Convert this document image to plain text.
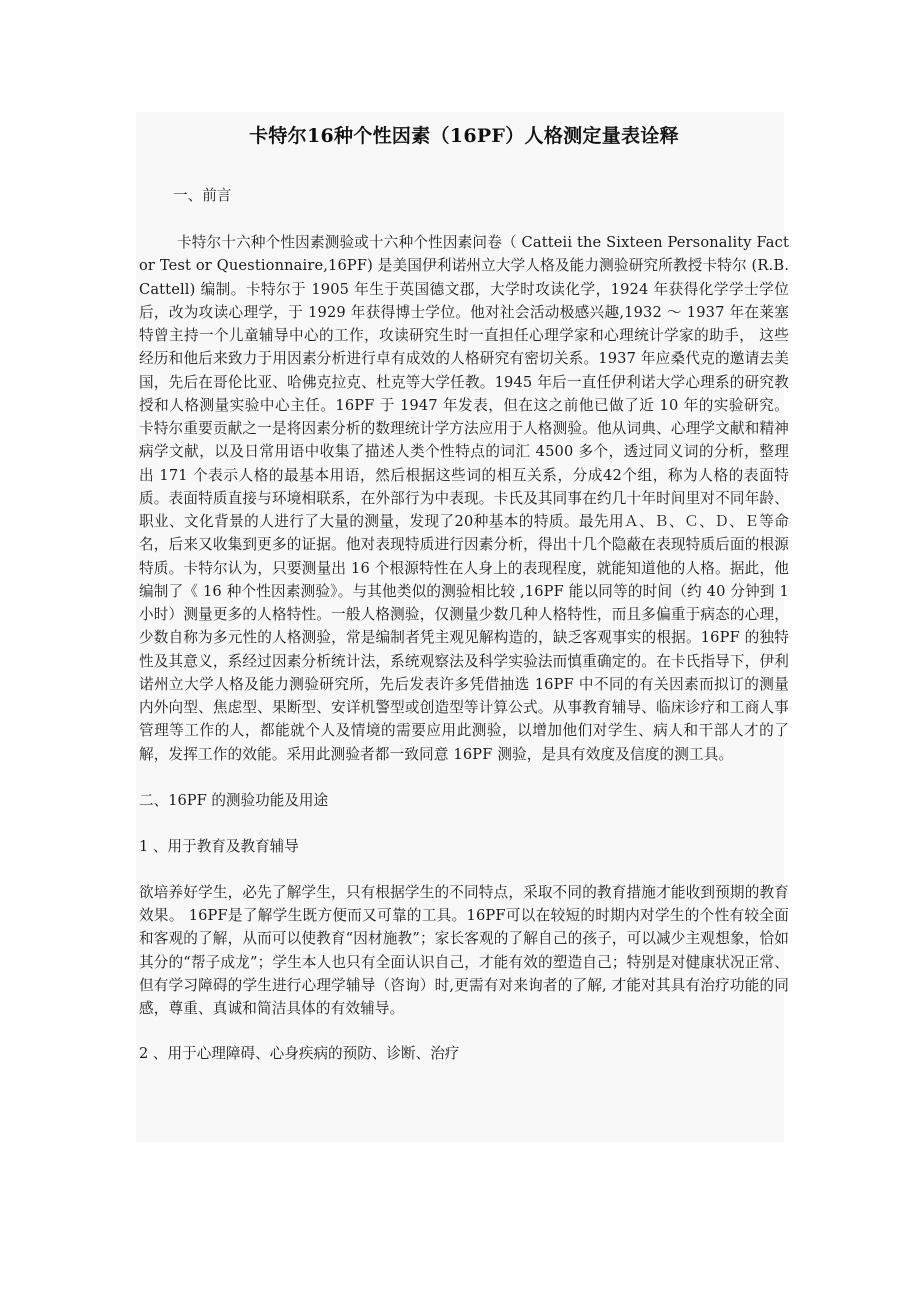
卡特尔16种个性因素（16PF）人格测定量表诠释

一、前言

卡特尔十六种个性因素测验或十六种个性因素问卷（ Catteii the Sixteen Personality Factor Test or Questionnaire,16PF) 是美国伊利诺州立大学人格及能力测验研究所教授卡特尔 (R.B.Cattell) 编制。卡特尔于 1905 年生于英国德文郡，大学时攻读化学，1924 年获得化学学士学位后，改为攻读心理学，于 1929 年获得博士学位。他对社会活动极感兴趣,1932 ～ 1937 年在莱塞特曾主持一个儿童辅导中心的工作，攻读研究生时一直担任心理学家和心理统计学家的助手， 这些经历和他后来致力于用因素分析进行卓有成效的人格研究有密切关系。1937 年应桑代克的邀请去美国，先后在哥伦比亚、哈佛克拉克、杜克等大学任教。1945 年后一直任伊利诺大学心理系的研究教授和人格测量实验中心主任。16PF 于 1947 年发表，但在这之前他已做了近 10 年的实验研究。卡特尔重要贡献之一是将因素分析的数理统计学方法应用于人格测验。他从词典、心理学文献和精神病学文献，以及日常用语中收集了描述人类个性特点的词汇 4500 多个，透过同义词的分析，整理出 171 个表示人格的最基本用语，然后根据这些词的相互关系，分成42个组，称为人格的表面特质。表面特质直接与环境相联系，在外部行为中表现。卡氏及其同事在约几十年时间里对不同年龄、职业、文化背景的人进行了大量的测量，发现了20种基本的特质。最先用Ａ、Ｂ、Ｃ、Ｄ、Ｅ等命名，后来又收集到更多的证据。他对表现特质进行因素分析，得出十几个隐蔽在表现特质后面的根源特质。卡特尔认为，只要测量出 16 个根源特性在人身上的表现程度，就能知道他的人格。据此，他编制了《 16 种个性因素测验》。与其他类似的测验相比较 ,16PF 能以同等的时间（约 40 分钟到 1 小时）测量更多的人格特性。一般人格测验，仅测量少数几种人格特性，而且多偏重于病态的心理，少数自称为多元性的人格测验，常是编制者凭主观见解构造的，缺乏客观事实的根据。16PF 的独特性及其意义，系经过因素分析统计法，系统观察法及科学实验法而慎重确定的。在卡氏指导下，伊利诺州立大学人格及能力测验研究所，先后发表许多凭借抽选 16PF 中不同的有关因素而拟订的测量内外向型、焦虑型、果断型、安详机警型或创造型等计算公式。从事教育辅导、临床诊疗和工商人事管理等工作的人，都能就个人及情境的需要应用此测验，以增加他们对学生、病人和干部人才的了解，发挥工作的效能。采用此测验者都一致同意 16PF 测验，是具有效度及信度的测工具。

二、16PF 的测验功能及用途

1 、用于教育及教育辅导

欲培养好学生，必先了解学生，只有根据学生的不同特点，采取不同的教育措施才能收到预期的教育效果。 16PF是了解学生既方便而又可靠的工具。16PF可以在较短的时期内对学生的个性有较全面和客观的了解，从而可以使教育“因材施教”；家长客观的了解自己的孩子，可以减少主观想象，恰如其分的“帮子成龙”；学生本人也只有全面认识自己，才能有效的塑造自己；特别是对健康状况正常、但有学习障碍的学生进行心理学辅导（咨询）时,更需有对来询者的了解, 才能对其具有治疗功能的同感，尊重、真诚和简洁具体的有效辅导。

2 、用于心理障碍、心身疾病的预防、诊断、治疗
